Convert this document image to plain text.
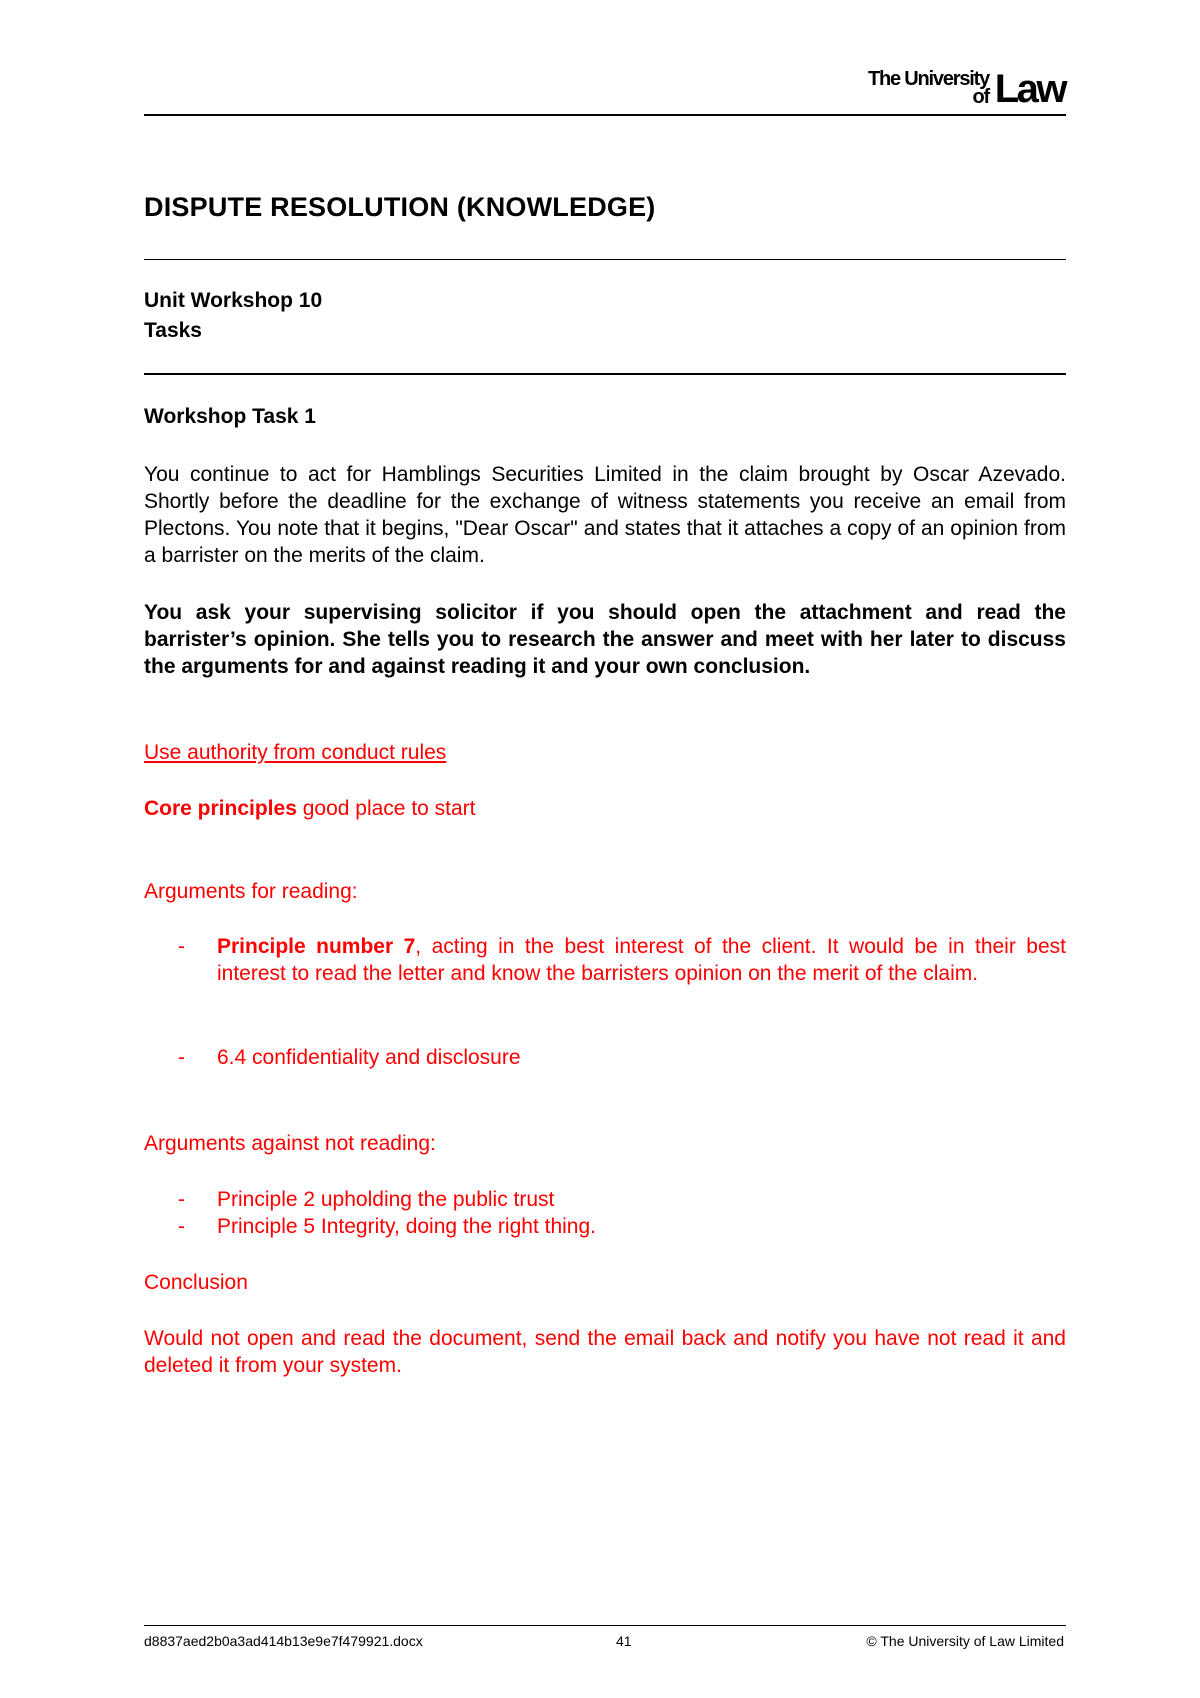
The University
of Law
DISPUTE RESOLUTION (KNOWLEDGE)
Unit Workshop 10
Tasks
Workshop Task 1
You continue to act for Hamblings Securities Limited in the claim brought by Oscar Azevado. Shortly before the deadline for the exchange of witness statements you receive an email from Plectons. You note that it begins, "Dear Oscar" and states that it attaches a copy of an opinion from a barrister on the merits of the claim.
You ask your supervising solicitor if you should open the attachment and read the barrister’s opinion. She tells you to research the answer and meet with her later to discuss the arguments for and against reading it and your own conclusion.
Use authority from conduct rules
Core principles good place to start
Arguments for reading:
- Principle number 7, acting in the best interest of the client. It would be in their best interest to read the letter and know the barristers opinion on the merit of the claim.
- 6.4 confidentiality and disclosure
Arguments against not reading:
- Principle 2 upholding the public trust
- Principle 5 Integrity, doing the right thing.
Conclusion
Would not open and read the document, send the email back and notify you have not read it and deleted it from your system.
d8837aed2b0a3ad414b13e9e7f479921.docx	41	© The University of Law Limited
